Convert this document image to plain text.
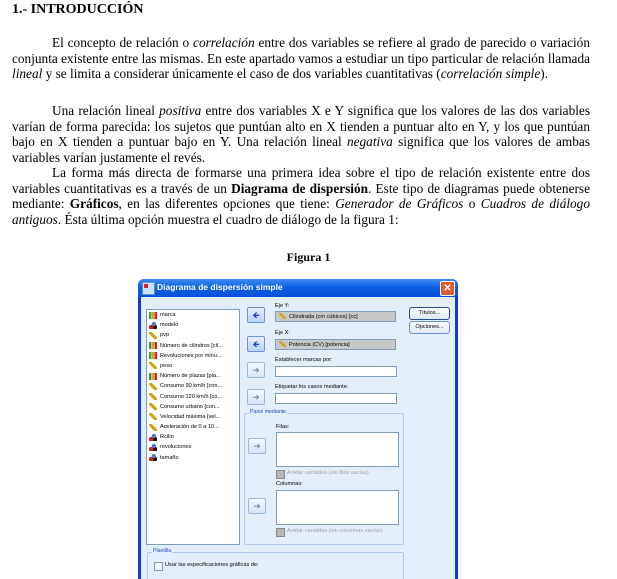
1.- INTRODUCCIÓN
El concepto de relación o correlación entre dos variables se refiere al grado de parecido o variación conjunta existente entre las mismas. En este apartado vamos a estudiar un tipo particular de relación llamada lineal y se limita a considerar únicamente el caso de dos variables cuantitativas (correlación simple).
Una relación lineal positiva entre dos variables X e Y significa que los valores de las dos variables varían de forma parecida: los sujetos que puntúan alto en X tienden a puntuar alto en Y, y los que puntúan bajo en X tienden a puntuar bajo en Y. Una relación lineal negativa significa que los valores de ambas variables varían justamente el revés.
La forma más directa de formarse una primera idea sobre el tipo de relación existente entre dos variables cuantitativas es a través de un Diagrama de dispersión. Este tipo de diagramas puede obtenerse mediante: Gráficos, en las diferentes opciones que tiene: Generador de Gráficos o Cuadros de diálogo antiguos. Ésta última opción muestra el cuadro de diálogo de la figura 1:
Figura 1
Diagrama de dispersión simple	✕
marca
modelo
pvp
Número de cilindros [cil...
Revoluciones por minu...
peso
Número de plazas [pla...
Consumo 90 km/h [con...
Consumo 120 km/h [co...
Consumo urbano [con...
Velocidad máxima [vel...
Aceleración de 0 a 10...
Rcilin
revoluciones
tamaño
🡸
🡸
➜
➜
Eje Y:
Cilindrada (cm cúbicos) [cc]
Eje X:
Potencia (CV) [potencia]
Establecer marcas por:
Etiquetar los casos mediante:
Títulos...
Opciones...
Panel mediante
Filas:
➜
Anidar variables (sin filas vacías)
Columnas:
➜
Anidar variables (sin columnas vacías)
Plantilla
Usar las especificaciones gráficas de:
